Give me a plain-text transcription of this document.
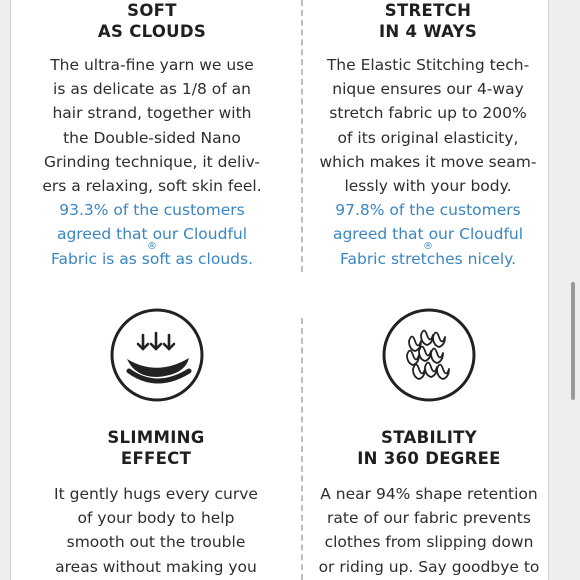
SOFT
AS CLOUDS
The ultra-fine yarn we use
is as delicate as 1/8 of an
hair strand, together with
the Double-sided Nano
Grinding technique, it deliv-
ers a relaxing, soft skin feel.
93.3% of the customers
agreed that our Cloudful
®
Fabric is as soft as clouds.
STRETCH
IN 4 WAYS
The Elastic Stitching tech-
nique ensures our 4-way
stretch fabric up to 200%
of its original elasticity,
which makes it move seam-
lessly with your body.
97.8% of the customers
agreed that our Cloudful
®
Fabric stretches nicely.
SLIMMING
EFFECT
It gently hugs every curve
of your body to help
smooth out the trouble
areas without making you
STABILITY
IN 360 DEGREE
A near 94% shape retention
rate of our fabric prevents
clothes from slipping down
or riding up. Say goodbye to
